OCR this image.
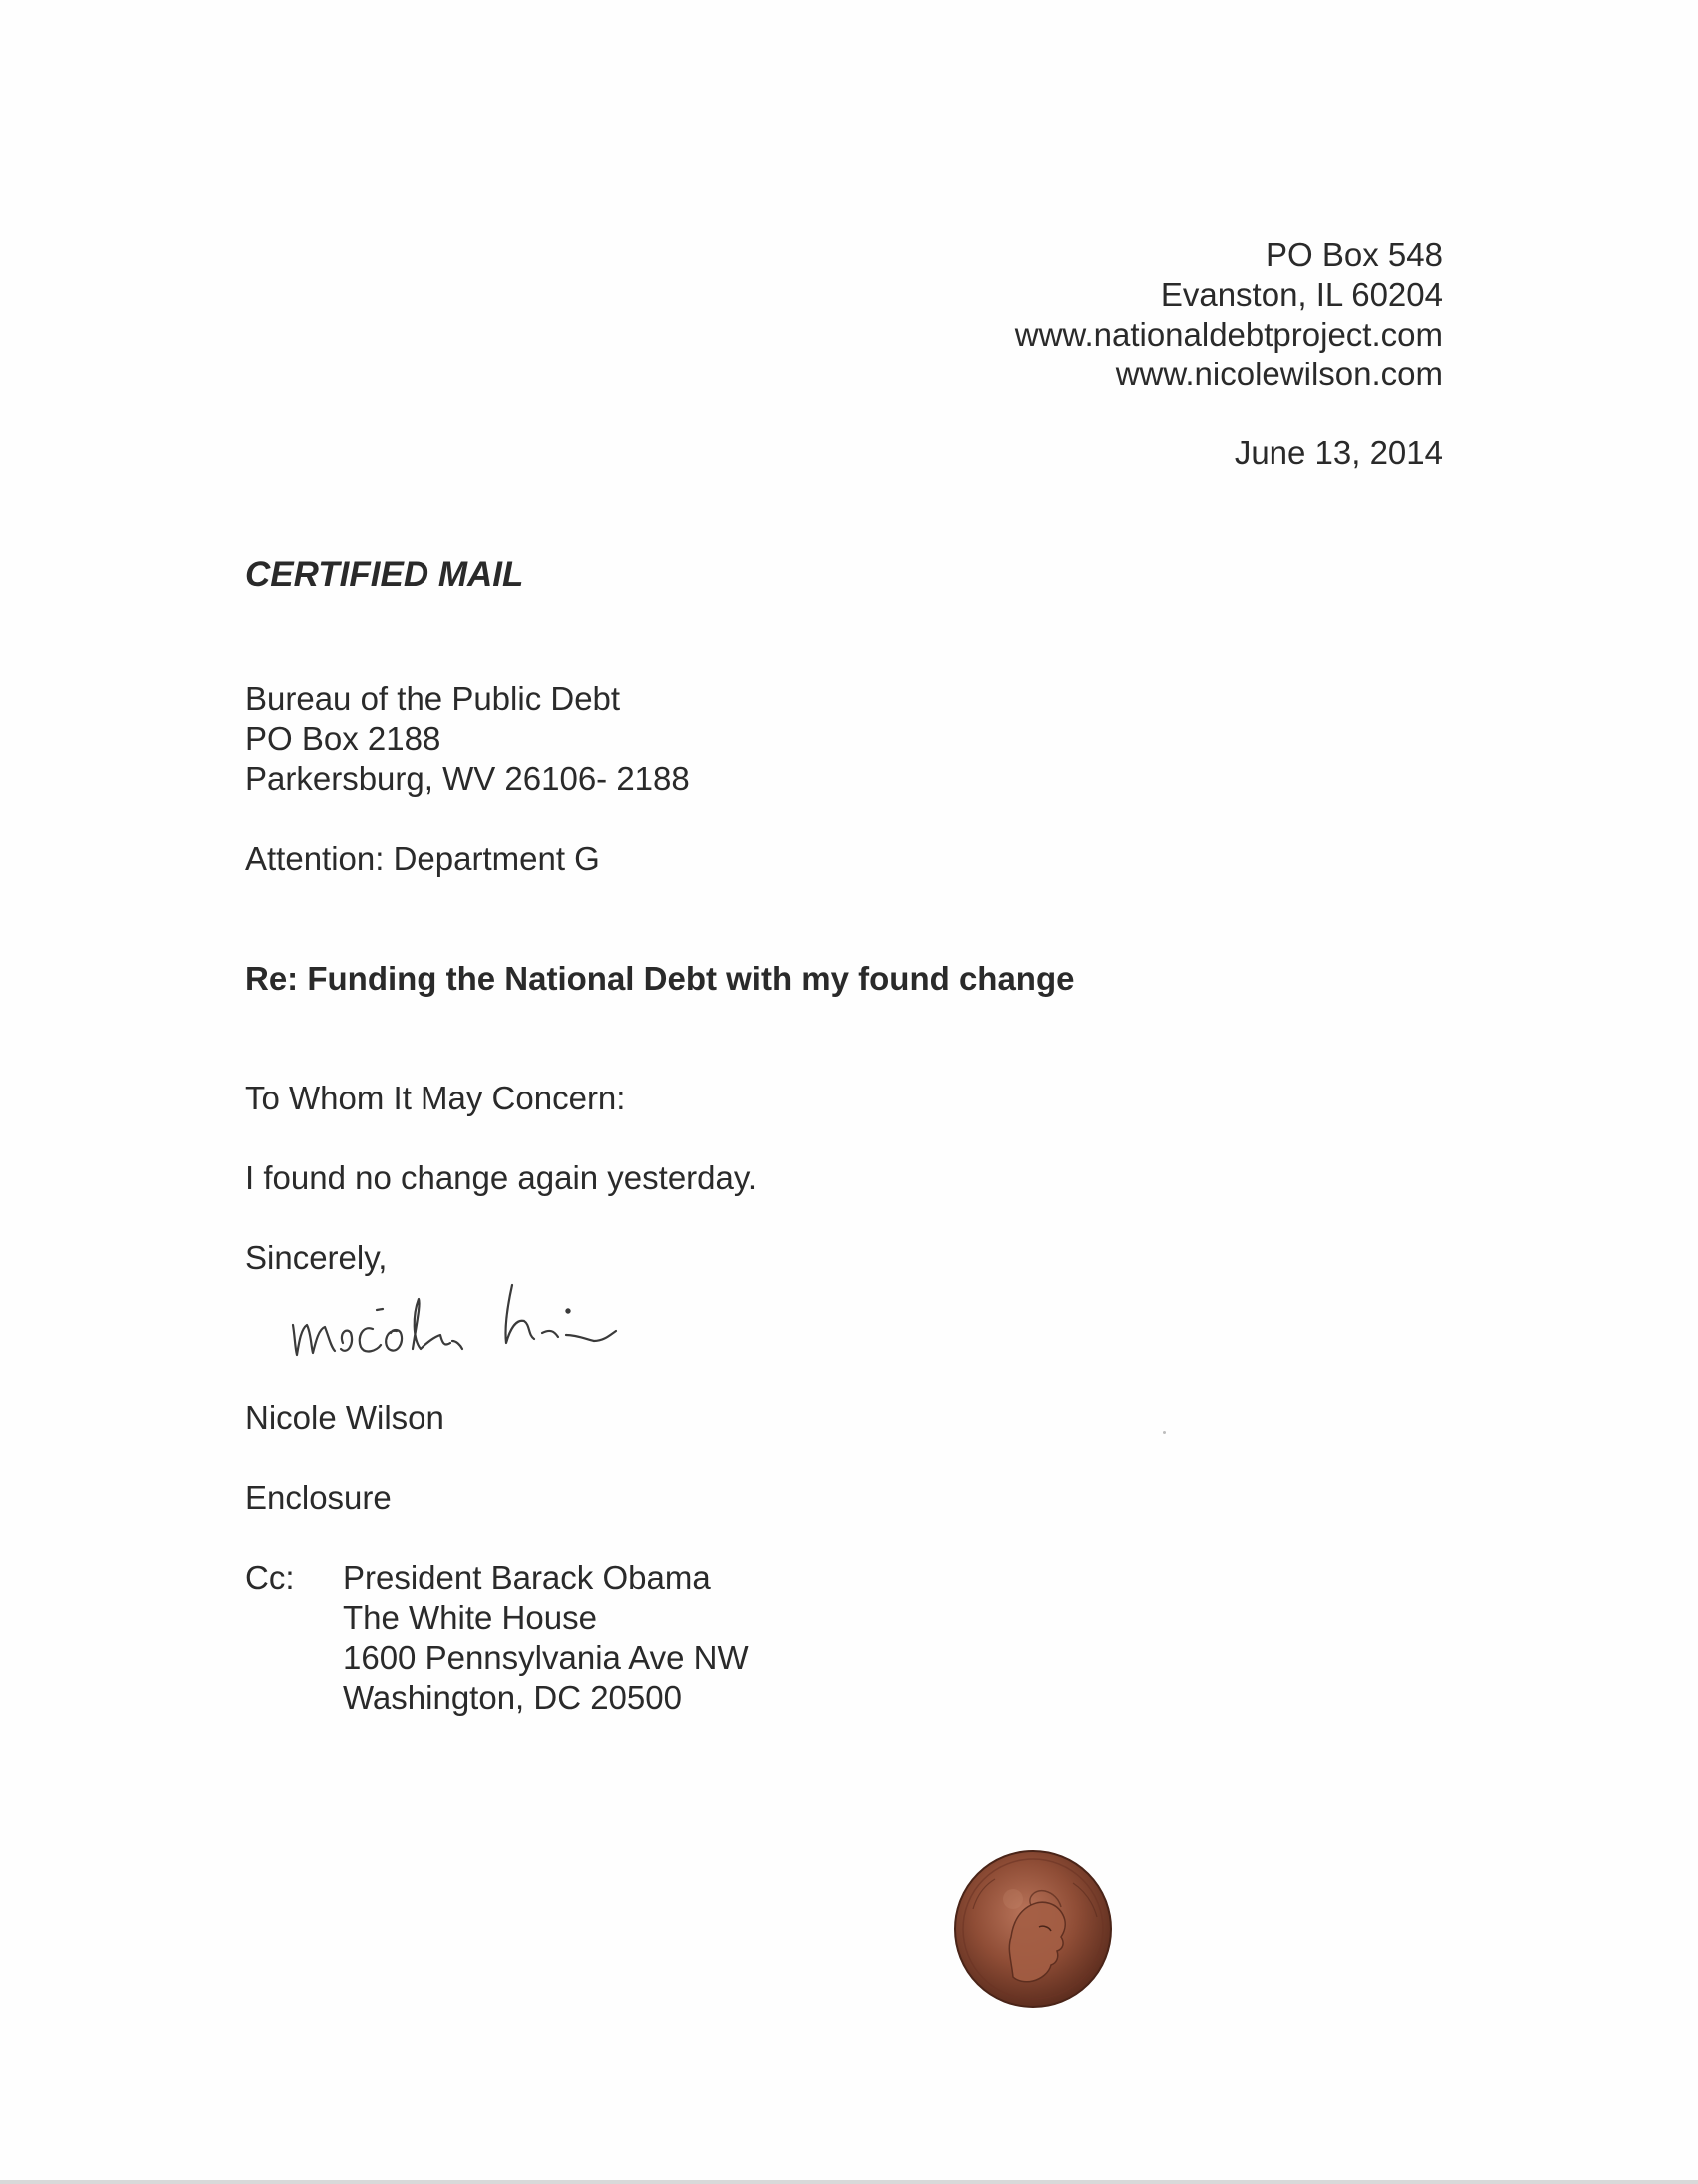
PO Box 548
Evanston, IL 60204
www.nationaldebtproject.com
www.nicolewilson.com
June 13, 2014
CERTIFIED MAIL
Bureau of the Public Debt
PO Box 2188
Parkersburg, WV 26106- 2188
Attention: Department G
Re: Funding the National Debt with my found change
To Whom It May Concern:
I found no change again yesterday.
Sincerely,
Nicole Wilson
Enclosure
Cc: President Barack Obama
The White House
1600 Pennsylvania Ave NW
Washington, DC 20500
